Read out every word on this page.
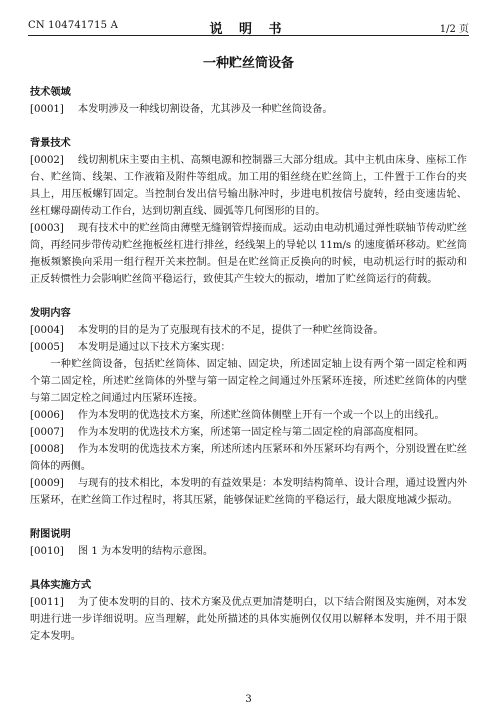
CN 104741715 A	说 明 书	1/2 页
一种贮丝筒设备
技术领域

[0001] 本发明涉及一种线切割设备，尤其涉及一种贮丝筒设备。

背景技术

[0002] 线切割机床主要由主机、高频电源和控制器三大部分组成。其中主机由床身、座标工作台、贮丝筒、线架、工作液箱及附件等组成。加工用的钼丝绕在贮丝筒上，工件置于工作台的夹具上，用压板螺钉固定。当控制台发出信号输出脉冲时，步进电机按信号旋转，经由变速齿轮、丝杠螺母副传动工作台，达到切割直线、圆弧等几何图形的目的。

[0003] 现有技术中的贮丝筒由薄壁无缝钢管焊接而成。运动由电动机通过弹性联轴节传动贮丝筒，再经同步带传动贮丝拖板丝杠进行排丝，经线架上的导轮以 11m/s 的速度循环移动。贮丝筒拖板频繁换向采用一组行程开关来控制。但是在贮丝筒正反换向的时候，电动机运行时的振动和正反转惯性力会影响贮丝筒平稳运行，致使其产生较大的振动，增加了贮丝筒运行的荷载。

发明内容

[0004] 本发明的目的是为了克服现有技术的不足，提供了一种贮丝筒设备。

[0005] 本发明是通过以下技术方案实现：

一种贮丝筒设备，包括贮丝筒体、固定轴、固定块，所述固定轴上设有两个第一固定栓和两个第二固定栓，所述贮丝筒体的外壁与第一固定栓之间通过外压紧环连接，所述贮丝筒体的内壁与第二固定栓之间通过内压紧环连接。

[0006] 作为本发明的优选技术方案，所述贮丝筒体侧壁上开有一个或一个以上的出线孔。

[0007] 作为本发明的优选技术方案，所述第一固定栓与第二固定栓的肩部高度相同。

[0008] 作为本发明的优选技术方案，所述所述内压紧环和外压紧环均有两个，分别设置在贮丝筒体的两侧。

[0009] 与现有的技术相比，本发明的有益效果是：本发明结构简单、设计合理，通过设置内外压紧环，在贮丝筒工作过程时，将其压紧，能够保证贮丝筒的平稳运行，最大限度地减少振动。

附图说明

[0010] 图 1 为本发明的结构示意图。

具体实施方式

[0011] 为了使本发明的目的、技术方案及优点更加清楚明白，以下结合附图及实施例，对本发明进行进一步详细说明。应当理解，此处所描述的具体实施例仅仅用以解释本发明，并不用于限定本发明。

3
